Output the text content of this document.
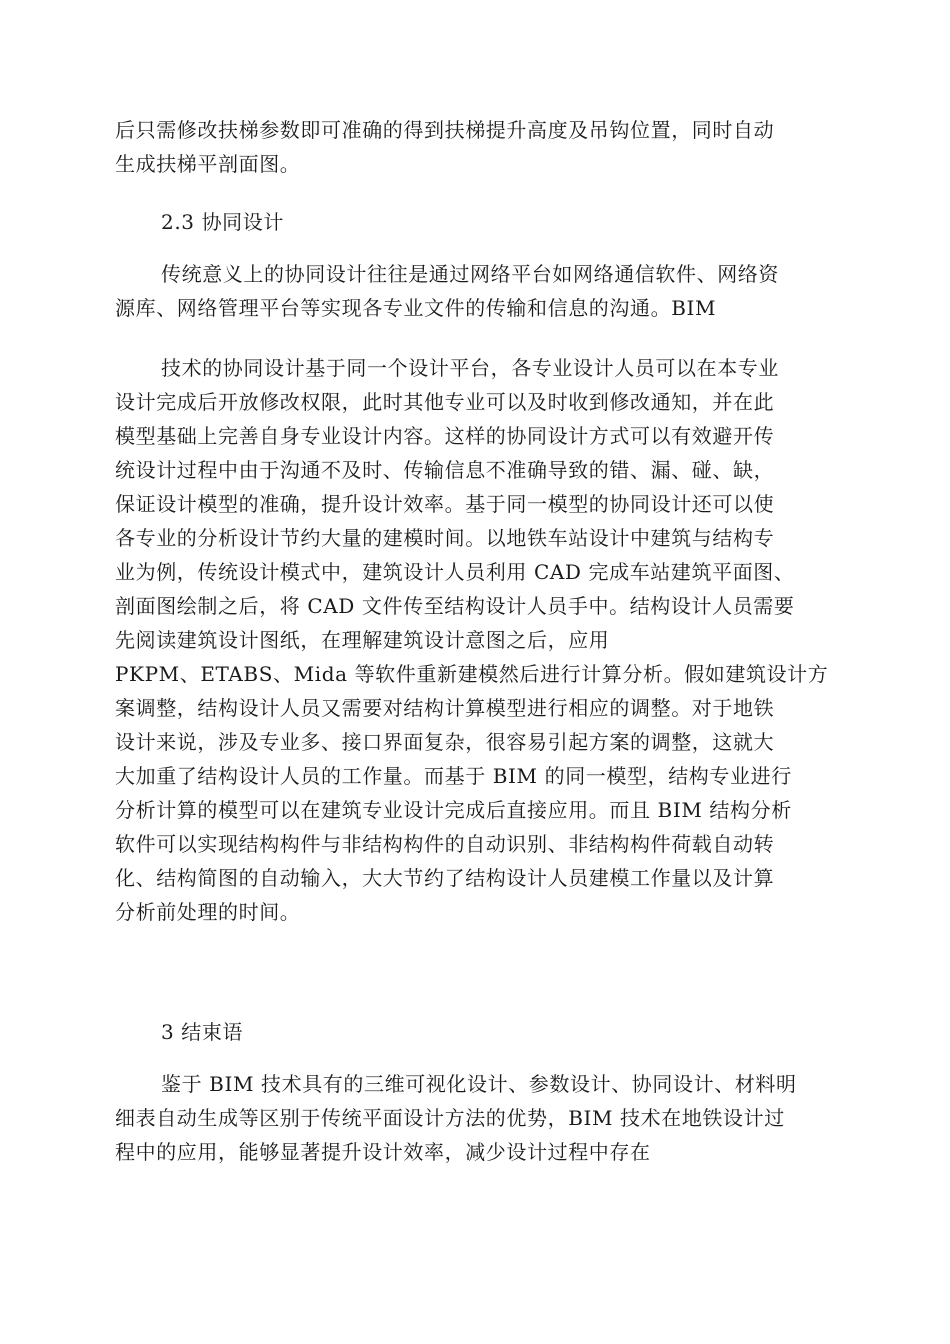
后只需修改扶梯参数即可准确的得到扶梯提升高度及吊钩位置，同时自动
生成扶梯平剖面图。
2.3 协同设计
传统意义上的协同设计往往是通过网络平台如网络通信软件、网络资
源库、网络管理平台等实现各专业文件的传输和信息的沟通。BIM
技术的协同设计基于同一个设计平台，各专业设计人员可以在本专业
设计完成后开放修改权限，此时其他专业可以及时收到修改通知，并在此
模型基础上完善自身专业设计内容。这样的协同设计方式可以有效避开传
统设计过程中由于沟通不及时、传输信息不准确导致的错、漏、碰、缺，
保证设计模型的准确，提升设计效率。基于同一模型的协同设计还可以使
各专业的分析设计节约大量的建模时间。以地铁车站设计中建筑与结构专
业为例，传统设计模式中，建筑设计人员利用 CAD 完成车站建筑平面图、
剖面图绘制之后，将 CAD 文件传至结构设计人员手中。结构设计人员需要
先阅读建筑设计图纸，在理解建筑设计意图之后，应用
PKPM、ETABS、Mida 等软件重新建模然后进行计算分析。假如建筑设计方
案调整，结构设计人员又需要对结构计算模型进行相应的调整。对于地铁
设计来说，涉及专业多、接口界面复杂，很容易引起方案的调整，这就大
大加重了结构设计人员的工作量。而基于 BIM 的同一模型，结构专业进行
分析计算的模型可以在建筑专业设计完成后直接应用。而且 BIM 结构分析
软件可以实现结构构件与非结构构件的自动识别、非结构构件荷载自动转
化、结构简图的自动输入，大大节约了结构设计人员建模工作量以及计算
分析前处理的时间。
3 结束语
鉴于 BIM 技术具有的三维可视化设计、参数设计、协同设计、材料明
细表自动生成等区别于传统平面设计方法的优势，BIM 技术在地铁设计过
程中的应用，能够显著提升设计效率，减少设计过程中存在
